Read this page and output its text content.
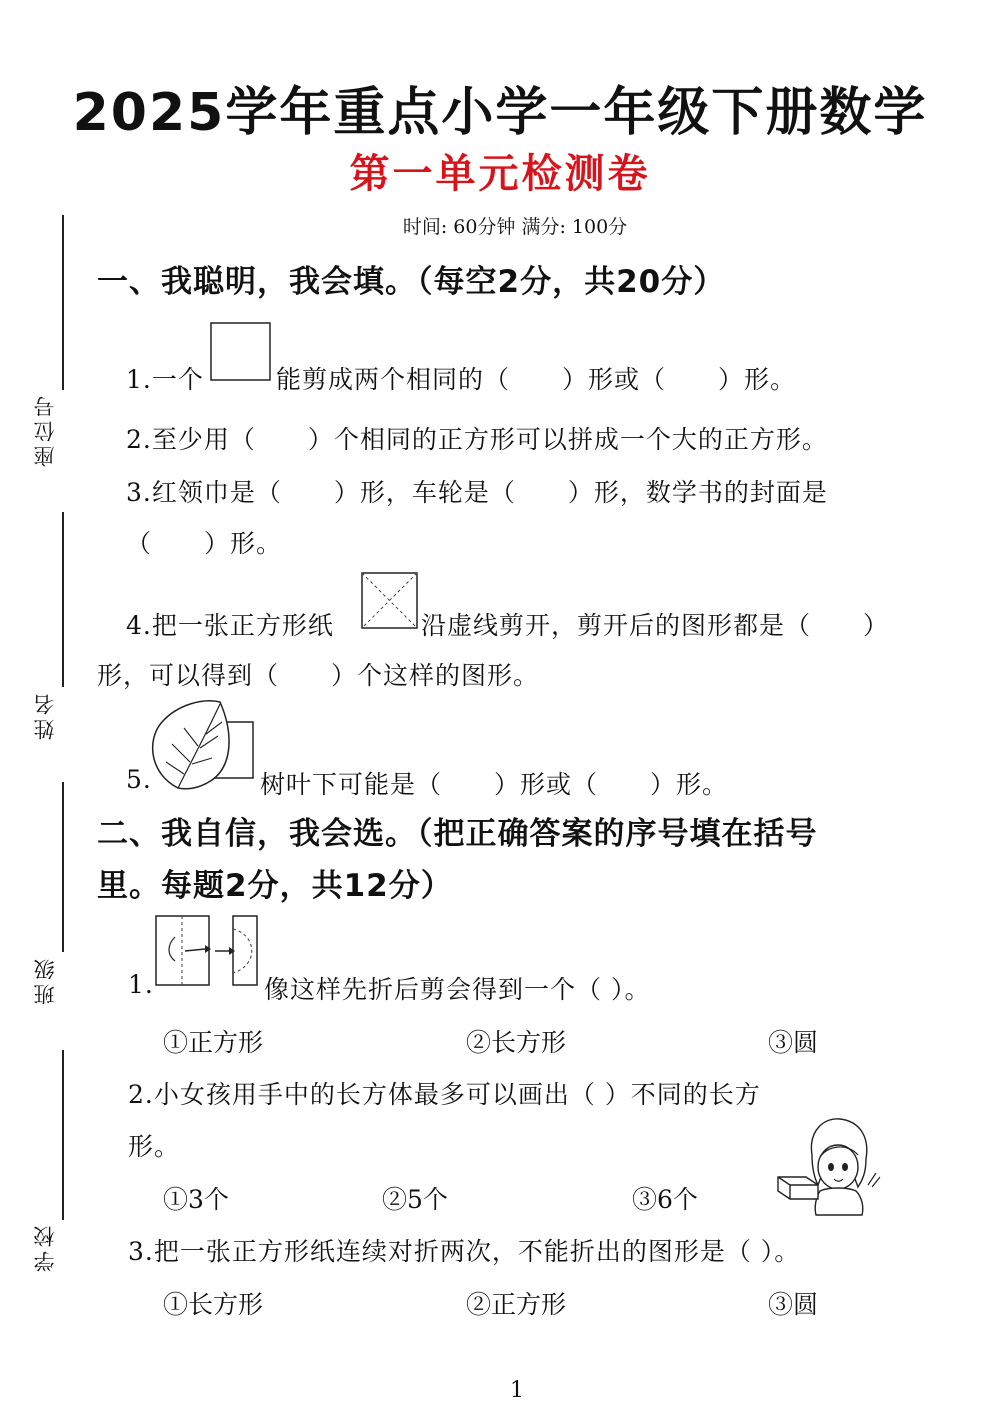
2025学年重点小学一年级下册数学
第一单元检测卷
时间: 60分钟 满分: 100分
座位号
姓名
班级
学校
一、我聪明，我会填。（每空2分，共20分）
1.一个	能剪成两个相同的（　　）形或（　　）形。
2.至少用（　　）个相同的正方形可以拼成一个大的正方形。
3.红领巾是（　　）形，车轮是（　　）形，数学书的封面是
（　　）形。
4.把一张正方形纸	沿虚线剪开，剪开后的图形都是（　　）
形，可以得到（　　）个这样的图形。
5.	树叶下可能是（　　）形或（　　）形。
二、我自信，我会选。（把正确答案的序号填在括号
里。每题2分，共12分）
1.	像这样先折后剪会得到一个（ ）。
①正方形	②长方形	③圆
2.小女孩用手中的长方体最多可以画出（ ）不同的长方
形。
①3个	②5个	③6个
3.把一张正方形纸连续对折两次，不能折出的图形是（ ）。
①长方形	②正方形	③圆
1
